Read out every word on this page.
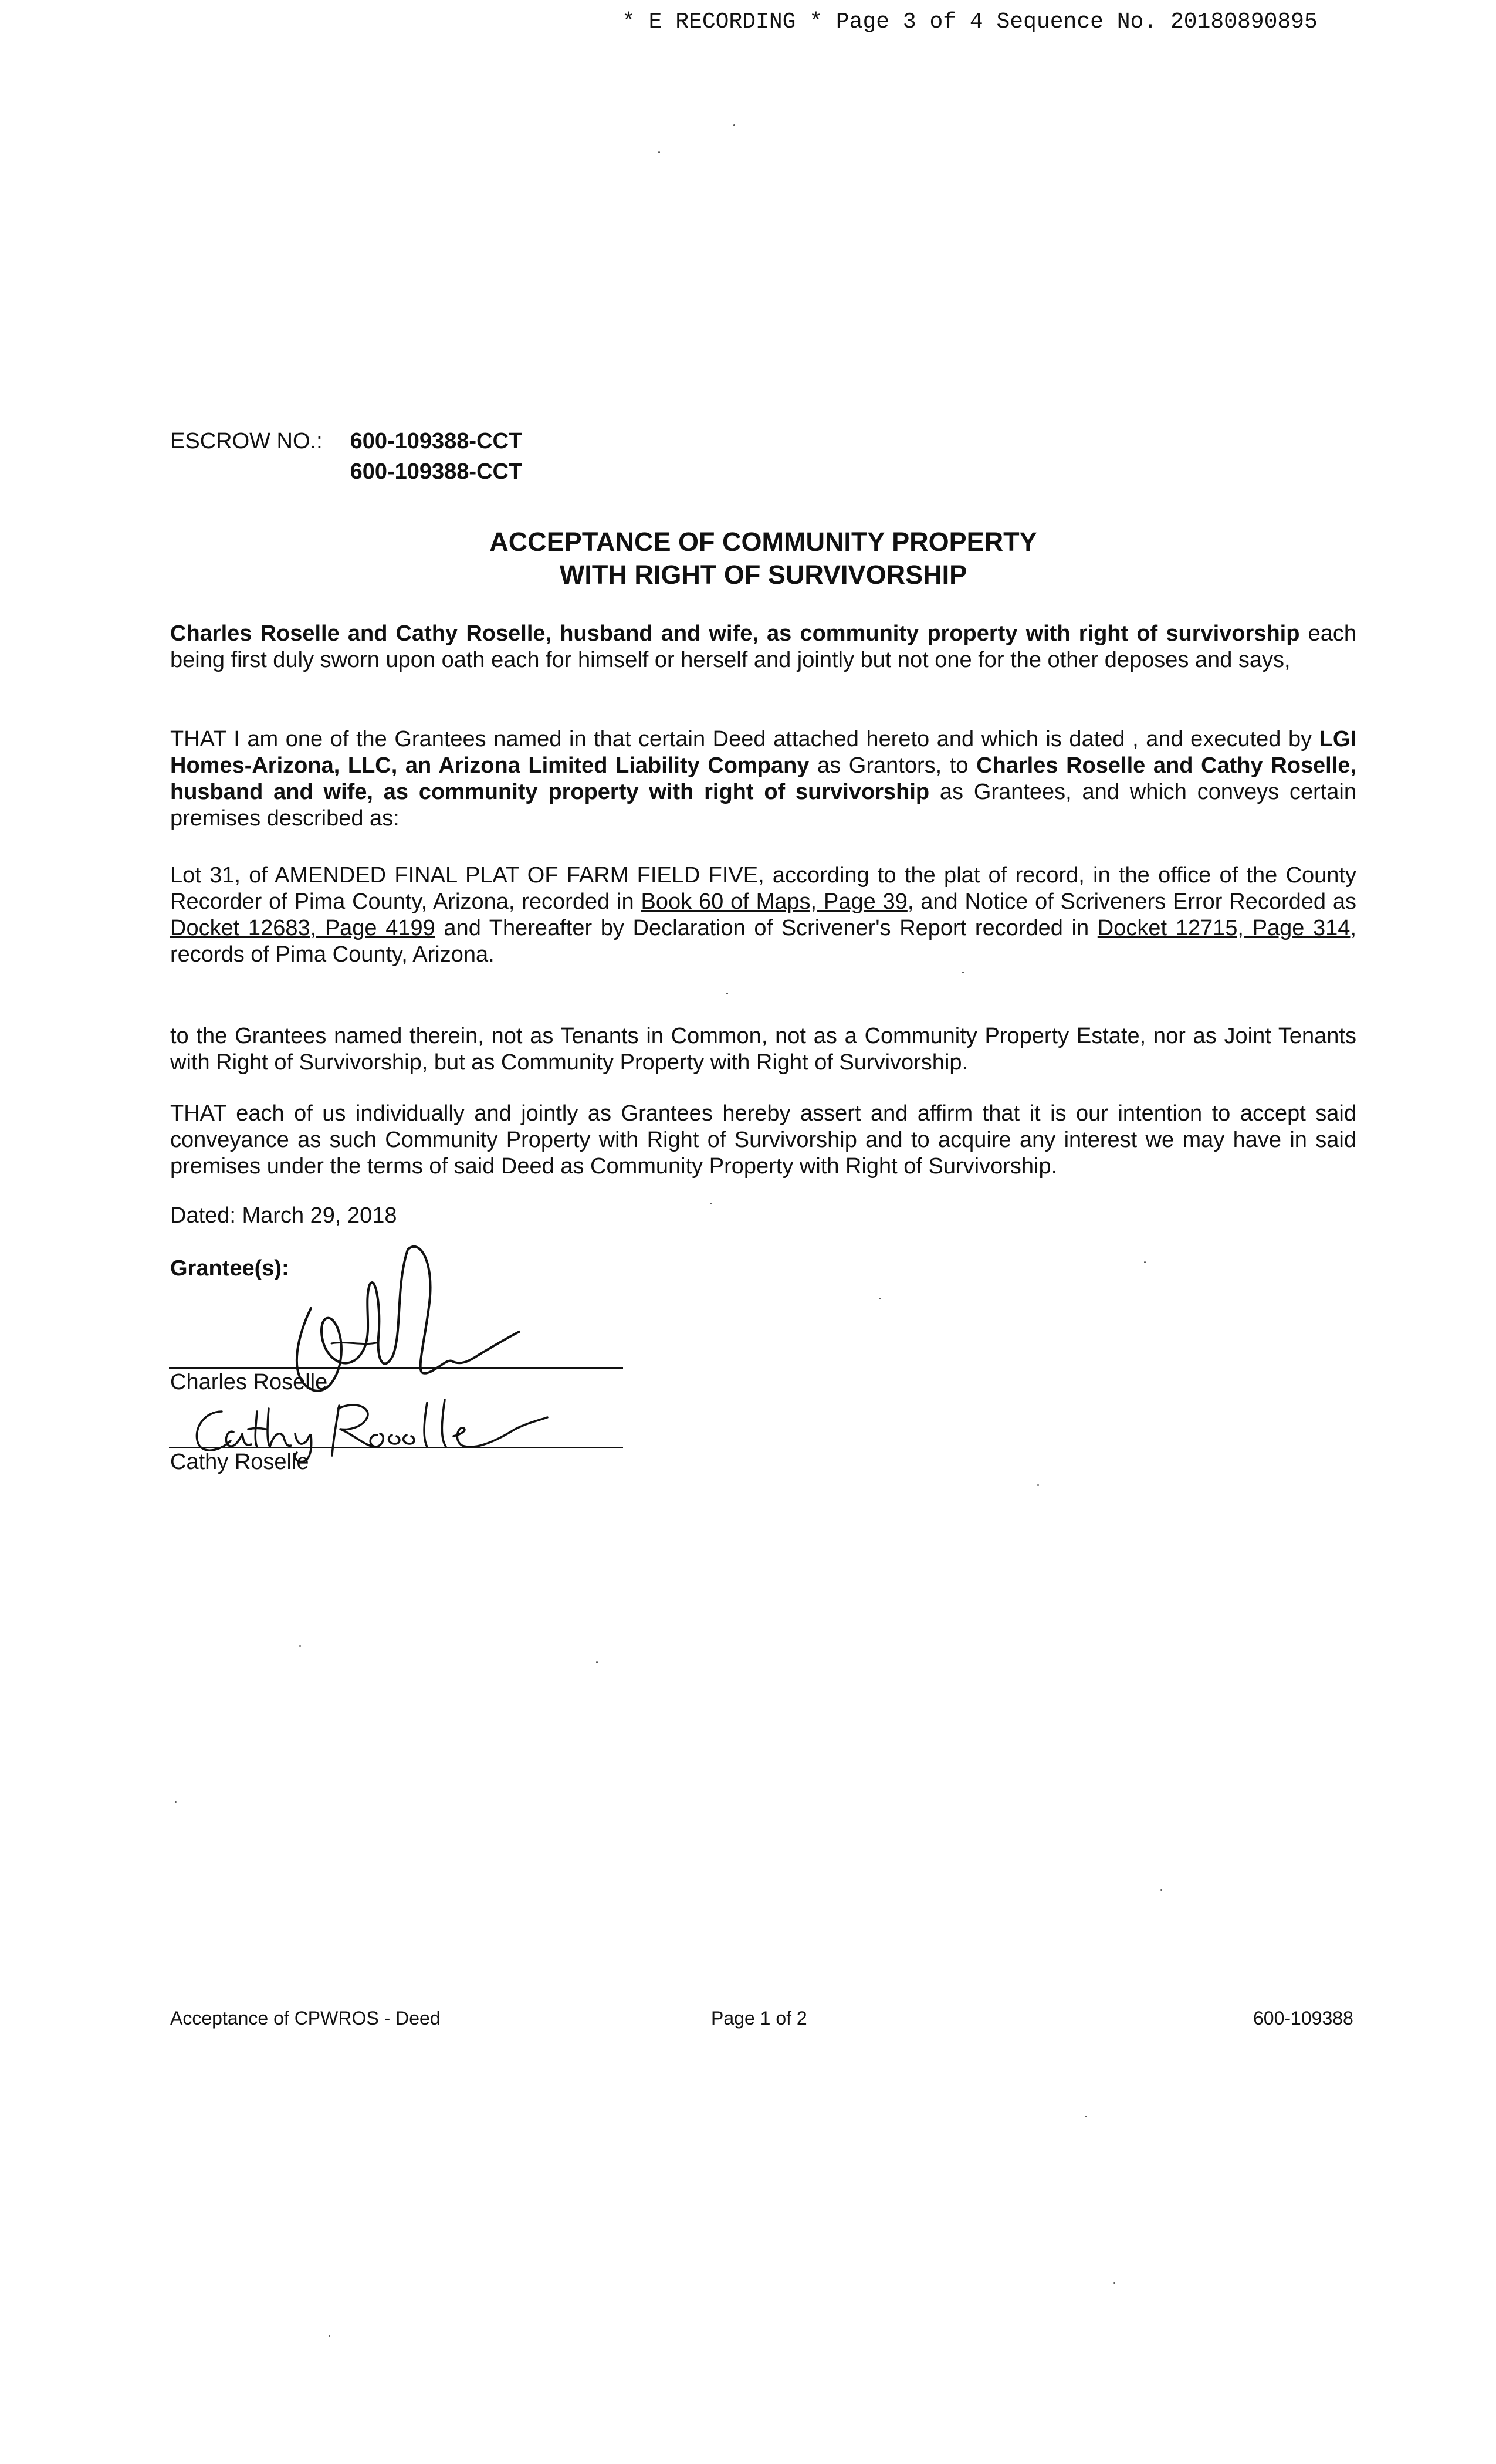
* E RECORDING * Page 3 of 4 Sequence No. 20180890895
ESCROW NO.: 600-109388-CCT
600-109388-CCT
ACCEPTANCE OF COMMUNITY PROPERTY
WITH RIGHT OF SURVIVORSHIP
Charles Roselle and Cathy Roselle, husband and wife, as community property with right of survivorship each being first duly sworn upon oath each for himself or herself and jointly but not one for the other deposes and says,
THAT I am one of the Grantees named in that certain Deed attached hereto and which is dated , and executed by LGI Homes-Arizona, LLC, an Arizona Limited Liability Company as Grantors, to Charles Roselle and Cathy Roselle, husband and wife, as community property with right of survivorship as Grantees, and which conveys certain premises described as:
Lot 31, of AMENDED FINAL PLAT OF FARM FIELD FIVE, according to the plat of record, in the office of the County Recorder of Pima County, Arizona, recorded in Book 60 of Maps, Page 39, and Notice of Scriveners Error Recorded as Docket 12683, Page 4199 and Thereafter by Declaration of Scrivener's Report recorded in Docket 12715, Page 314, records of Pima County, Arizona.
to the Grantees named therein, not as Tenants in Common, not as a Community Property Estate, nor as Joint Tenants with Right of Survivorship, but as Community Property with Right of Survivorship.
THAT each of us individually and jointly as Grantees hereby assert and affirm that it is our intention to accept said conveyance as such Community Property with Right of Survivorship and to acquire any interest we may have in said premises under the terms of said Deed as Community Property with Right of Survivorship.
Dated: March 29, 2018
Grantee(s):
Charles Roselle
Cathy Roselle
Acceptance of CPWROS - Deed	Page 1 of 2	600-109388
